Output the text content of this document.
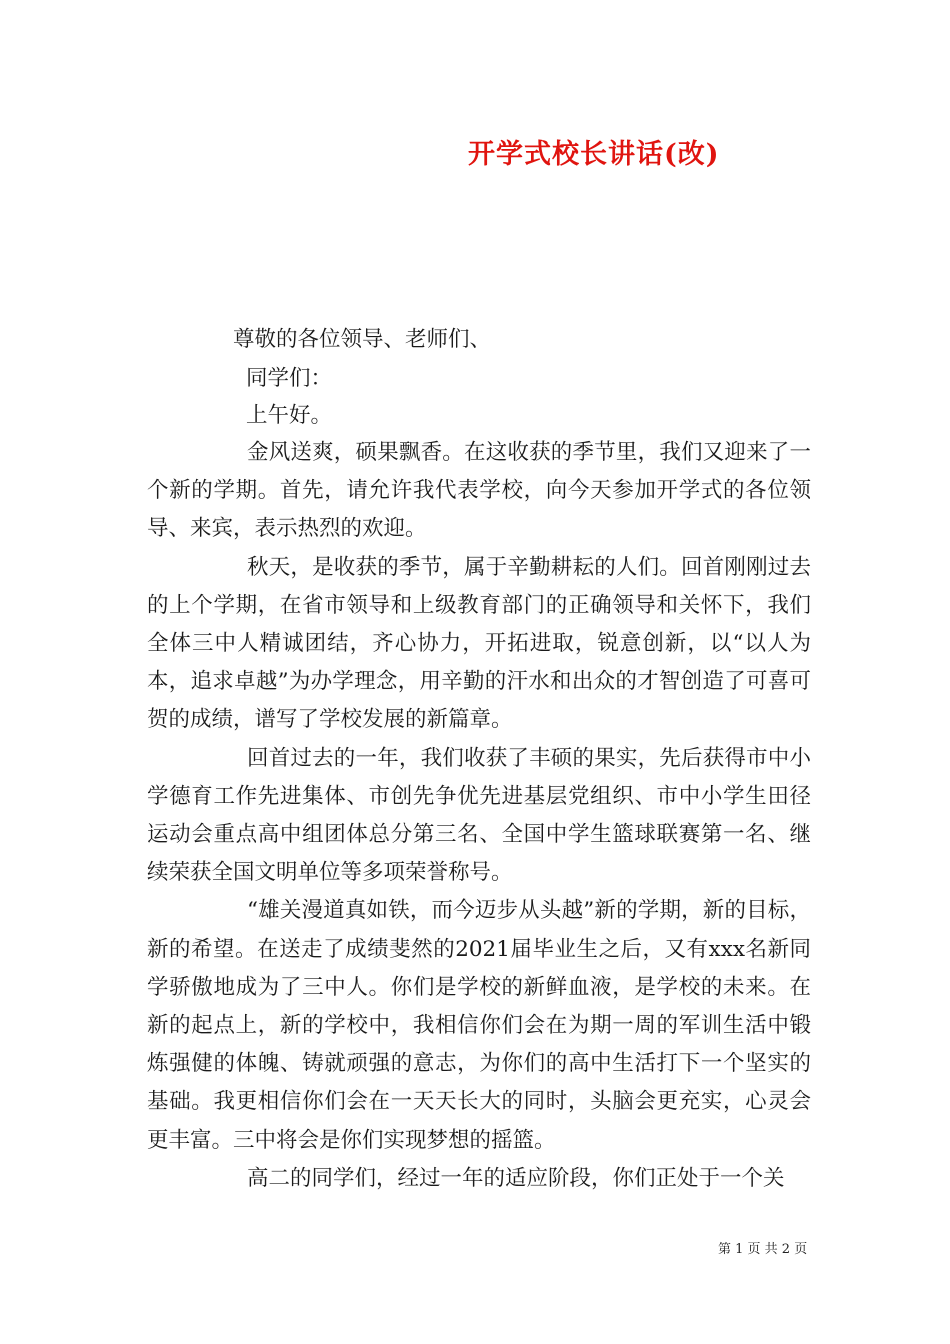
开学式校长讲话(改)
尊敬的各位领导、老师们、
同学们：
上午好。

金风送爽，硕果飘香。在这收获的季节里，我们又迎来了一个新的学期。首先，请允许我代表学校，向今天参加开学式的各位领导、来宾，表示热烈的欢迎。

秋天，是收获的季节，属于辛勤耕耘的人们。回首刚刚过去的上个学期，在省市领导和上级教育部门的正确领导和关怀下，我们全体三中人精诚团结，齐心协力，开拓进取，锐意创新，以“以人为本，追求卓越”为办学理念，用辛勤的汗水和出众的才智创造了可喜可贺的成绩，谱写了学校发展的新篇章。

回首过去的一年，我们收获了丰硕的果实，先后获得市中小学德育工作先进集体、市创先争优先进基层党组织、市中小学生田径运动会重点高中组团体总分第三名、全国中学生篮球联赛第一名、继续荣获全国文明单位等多项荣誉称号。

“雄关漫道真如铁，而今迈步从头越”新的学期，新的目标，新的希望。在送走了成绩斐然的2021届毕业生之后，又有xxx名新同学骄傲地成为了三中人。你们是学校的新鲜血液，是学校的未来。在新的起点上，新的学校中，我相信你们会在为期一周的军训生活中锻炼强健的体魄、铸就顽强的意志，为你们的高中生活打下一个坚实的基础。我更相信你们会在一天天长大的同时，头脑会更充实，心灵会更丰富。三中将会是你们实现梦想的摇篮。

高二的同学们，经过一年的适应阶段，你们正处于一个关

第 1 页 共 2 页
